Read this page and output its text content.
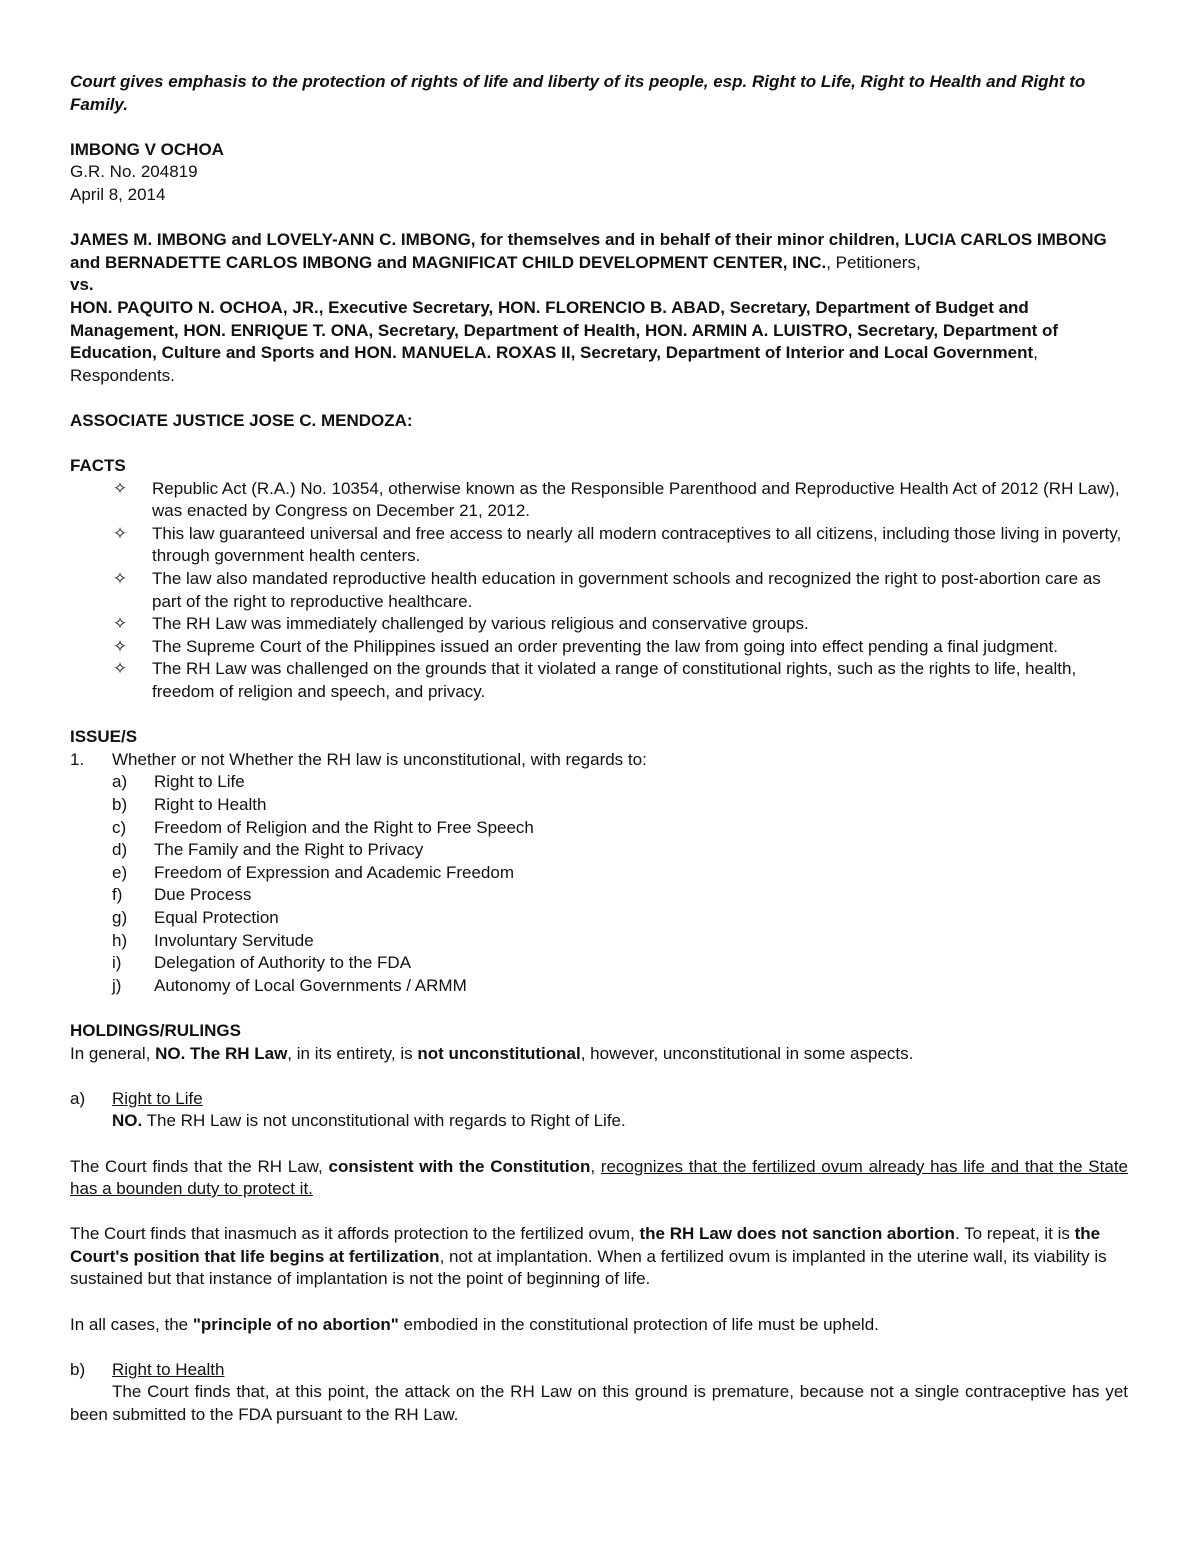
Court gives emphasis to the protection of rights of life and liberty of its people, esp. Right to Life, Right to Health and Right to Family.

IMBONG V OCHOA

G.R. No. 204819

April 8, 2014

JAMES M. IMBONG and LOVELY-ANN C. IMBONG, for themselves and in behalf of their minor children, LUCIA CARLOS IMBONG and BERNADETTE CARLOS IMBONG and MAGNIFICAT CHILD DEVELOPMENT CENTER, INC., Petitioners,

vs.

HON. PAQUITO N. OCHOA, JR., Executive Secretary, HON. FLORENCIO B. ABAD, Secretary, Department of Budget and Management, HON. ENRIQUE T. ONA, Secretary, Department of Health, HON. ARMIN A. LUISTRO, Secretary, Department of Education, Culture and Sports and HON. MANUELA. ROXAS II, Secretary, Department of Interior and Local Government, Respondents.

ASSOCIATE JUSTICE JOSE C. MENDOZA:

FACTS

✧ Republic Act (R.A.) No. 10354, otherwise known as the Responsible Parenthood and Reproductive Health Act of 2012 (RH Law), was enacted by Congress on December 21, 2012.
✧ This law guaranteed universal and free access to nearly all modern contraceptives to all citizens, including those living in poverty, through government health centers.
✧ The law also mandated reproductive health education in government schools and recognized the right to post-abortion care as part of the right to reproductive healthcare.
✧ The RH Law was immediately challenged by various religious and conservative groups.
✧ The Supreme Court of the Philippines issued an order preventing the law from going into effect pending a final judgment.
✧ The RH Law was challenged on the grounds that it violated a range of constitutional rights, such as the rights to life, health, freedom of religion and speech, and privacy.

ISSUE/S

1. Whether or not Whether the RH law is unconstitutional, with regards to:

a) Right to Life

b) Right to Health

c) Freedom of Religion and the Right to Free Speech

d) The Family and the Right to Privacy

e) Freedom of Expression and Academic Freedom

f) Due Process

g) Equal Protection

h) Involuntary Servitude

i) Delegation of Authority to the FDA

j) Autonomy of Local Governments / ARMM

HOLDINGS/RULINGS

In general, NO. The RH Law, in its entirety, is not unconstitutional, however, unconstitutional in some aspects.

a) Right to Life

NO. The RH Law is not unconstitutional with regards to Right of Life.

The Court finds that the RH Law, consistent with the Constitution, recognizes that the fertilized ovum already has life and that the State has a bounden duty to protect it.

The Court finds that inasmuch as it affords protection to the fertilized ovum, the RH Law does not sanction abortion. To repeat, it is the Court's position that life begins at fertilization, not at implantation. When a fertilized ovum is implanted in the uterine wall, its viability is sustained but that instance of implantation is not the point of beginning of life.

In all cases, the "principle of no abortion" embodied in the constitutional protection of life must be upheld.

b) Right to Health

The Court finds that, at this point, the attack on the RH Law on this ground is premature, because not a single contraceptive has yet been submitted to the FDA pursuant to the RH Law.
